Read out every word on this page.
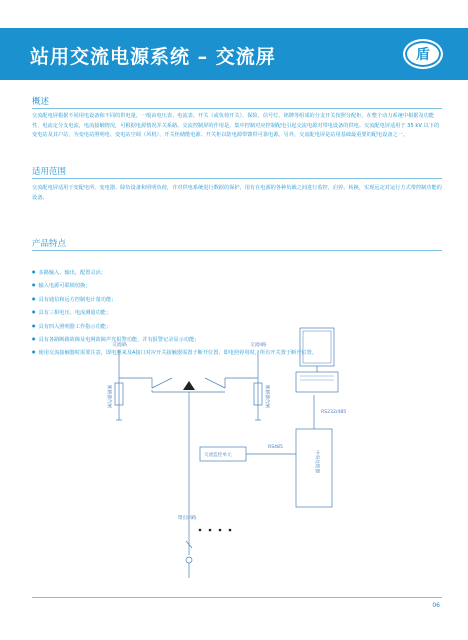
站用交流电源系统 – 交流屏	盾
概述
交流配电屏根据不同用电设备和不同的供电量，一般由电压表、电流表、开关（或负荷开关）、保险、信号灯、铭牌等组成的分支开关按照分配柜。在整个动力系统中根据及功能性，电流定分支电流，电流接触情况，可根据电源情况并关系路。交流控制屏的作用是，集中控制对应控制配电引起交流电源对带电设备的供电。交流配电屏适用于 35 kV 以下的变电站及其户站，为变电站照明电、变电站空调（风机）、开关柜储能电源、开关柜以防电源带馈供可靠电源。另外，交流配电屏是站用基础最重要的配电设备之一。
适用范围
交流配电屏适用于变配电所、变电器、除负设备和照明负荷，并对供电系统进行数据的保护，用有在电源的各种负载之间进行监控，启停、转换，实现远定对运行方式带控制功能的设备。
产品特点
● 多路输入、输出，配置灵活；
● 输入电源可联锁切换；
● 具有通信和远方控制电计量功能；
● 具有三相电压、电流测量功能；
● 具有四入照明器工作指示功能；
● 具有各路断路故障及电网故障声光报警功能，并有报警记录显示功能；
● 使用交流接触器时需要注意，即电照来及A接口对应开关接触器需置于断开位置，即电照停用时，所有开关置于断开位置。
交流I路	交流II路
断路器合闸	断路器合闸
RS232/485
RS485
交流监控单元	中央处理器
馈出回路
06
